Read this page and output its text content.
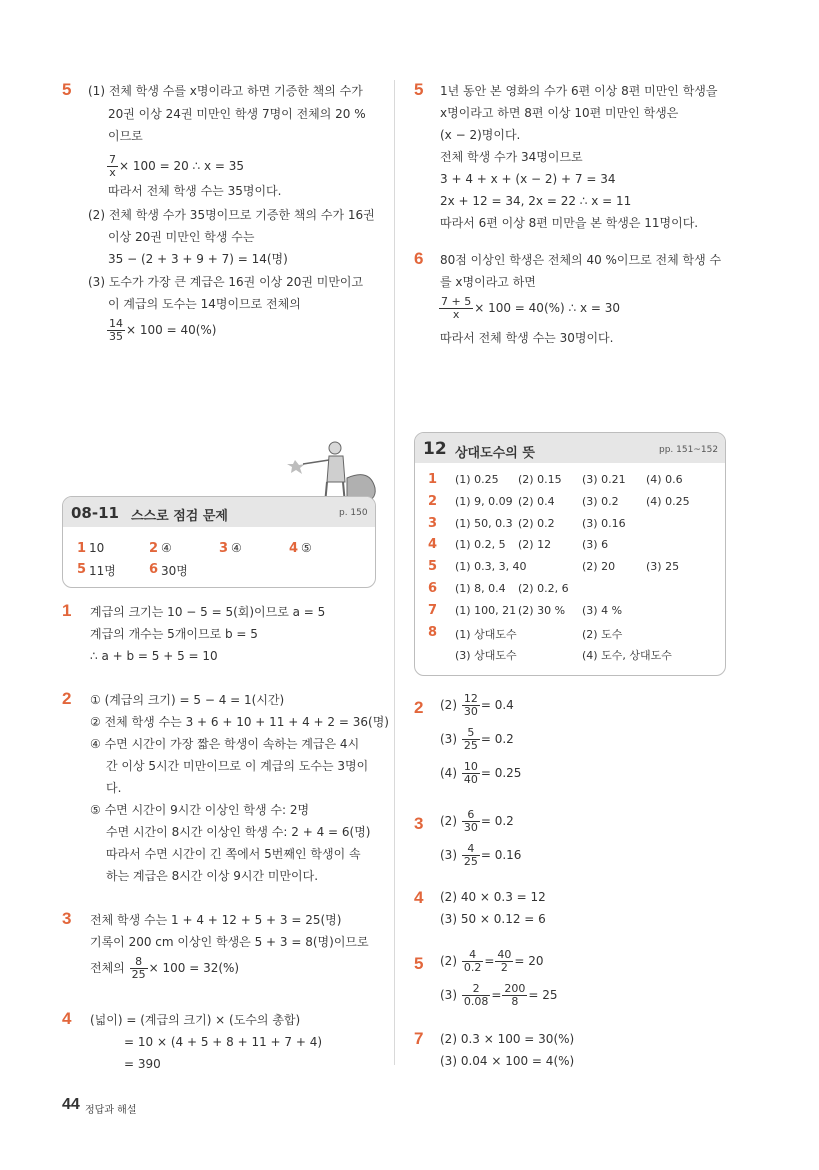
5 (1) 전체 학생 수를 x명이라고 하면 기증한 책의 수가
20권 이상 24권 미만인 학생 7명이 전체의 20 %
이므로
$\frac{7}{x} \times 100 = 20$ ∴ x = 35
따라서 전체 학생 수는 35명이다.
(2) 전체 학생 수가 35명이므로 기증한 책의 수가 16권
이상 20권 미만인 학생 수는
35 − (2 + 3 + 9 + 7) = 14(명)
(3) 도수가 가장 큰 계급은 16권 이상 20권 미만이고
이 계급의 도수는 14명이므로 전체의
$\frac{14}{35} \times 100 = 40(\%)$
08-11 스스로 점검 문제	p. 150
1 10	2 ④	3 ④	4 ⑤
5 11명	6 30명
1 계급의 크기는 10 − 5 = 5(회)이므로 a = 5
계급의 개수는 5개이므로 b = 5
∴ a + b = 5 + 5 = 10
2 ① (계급의 크기) = 5 − 4 = 1(시간)
② 전체 학생 수는 3 + 6 + 10 + 11 + 4 + 2 = 36(명)
④ 수면 시간이 가장 짧은 학생이 속하는 계급은 4시
간 이상 5시간 미만이므로 이 계급의 도수는 3명이
다.
⑤ 수면 시간이 9시간 이상인 학생 수: 2명
수면 시간이 8시간 이상인 학생 수: 2 + 4 = 6(명)
따라서 수면 시간이 긴 쪽에서 5번째인 학생이 속
하는 계급은 8시간 이상 9시간 미만이다.
3 전체 학생 수는 1 + 4 + 12 + 5 + 3 = 25(명)
기록이 200 cm 이상인 학생은 5 + 3 = 8(명)이므로
전체의 $\frac{8}{25} \times 100 = 32(\%)$
4 (넓이) = (계급의 크기) × (도수의 총합)
= 10 × (4 + 5 + 8 + 11 + 7 + 4)
= 390
5 1년 동안 본 영화의 수가 6편 이상 8편 미만인 학생을
x명이라고 하면 8편 이상 10편 미만인 학생은
(x − 2)명이다.
전체 학생 수가 34명이므로
3 + 4 + x + (x − 2) + 7 = 34
2x + 12 = 34, 2x = 22 ∴ x = 11
따라서 6편 이상 8편 미만을 본 학생은 11명이다.
6 80점 이상인 학생은 전체의 40 %이므로 전체 학생 수
를 x명이라고 하면
$\frac{7 + 5}{x} \times 100 = 40(\%)$ ∴ x = 30
따라서 전체 학생 수는 30명이다.
12 상대도수의 뜻	pp. 151~152
1 (1) 0.25 (2) 0.15 (3) 0.21 (4) 0.6
2 (1) 9, 0.09 (2) 0.4 (3) 0.2 (4) 0.25
3 (1) 50, 0.3 (2) 0.2 (3) 0.16
4 (1) 0.2, 5 (2) 12	(3) 6
5 (1) 0.3, 3, 40	(2) 20	(3) 25
6 (1) 8, 0.4 (2) 0.2, 6
7 (1) 100, 21 (2) 30 % (3) 4 %
8 (1) 상대도수	(2) 도수
(3) 상대도수	(4) 도수, 상대도수
2 $(2) \frac{12}{30} = 0.4$
$(3) \frac{5}{25} = 0.2$
$(4) \frac{10}{40} = 0.25$
3 $(2) \frac{6}{30} = 0.2$
$(3) \frac{4}{25} = 0.16$
4 (2) 40 × 0.3 = 12
(3) 50 × 0.12 = 6
5 $(2) \frac{4}{0.2} = \frac{40}{2} = 20$
$(3) \frac{2}{0.08} = \frac{200}{8} = 25$
7 (2) 0.3 × 100 = 30(%)
(3) 0.04 × 100 = 4(%)
44 정답과 해설
